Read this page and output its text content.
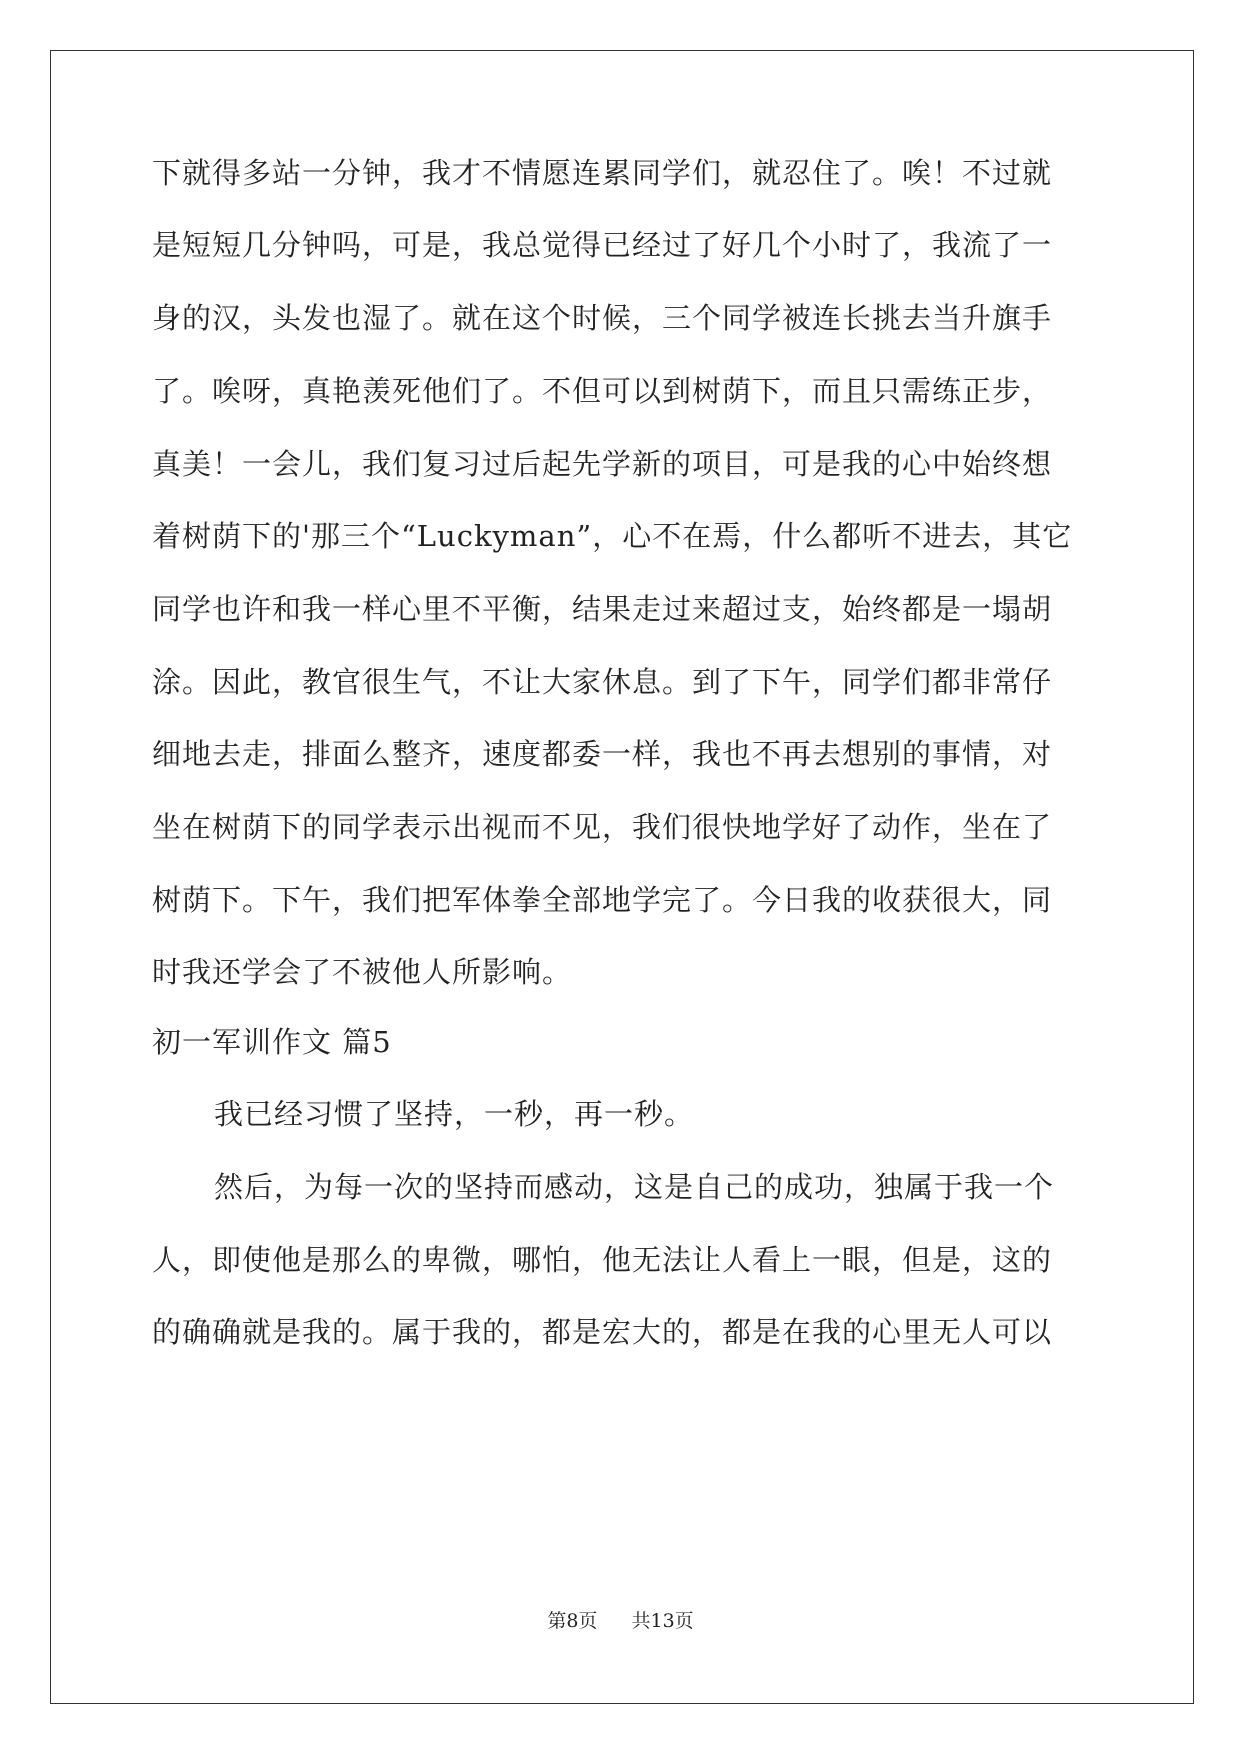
下就得多站一分钟，我才不情愿连累同学们，就忍住了。唉！不过就
是短短几分钟吗，可是，我总觉得已经过了好几个小时了，我流了一
身的汉，头发也湿了。就在这个时候，三个同学被连长挑去当升旗手
了。唉呀，真艳羡死他们了。不但可以到树荫下，而且只需练正步，
真美！一会儿，我们复习过后起先学新的项目，可是我的心中始终想
着树荫下的'那三个“Luckyman”，心不在焉，什么都听不进去，其它
同学也许和我一样心里不平衡，结果走过来超过支，始终都是一塌胡
涂。因此，教官很生气，不让大家休息。到了下午，同学们都非常仔
细地去走，排面么整齐，速度都委一样，我也不再去想别的事情，对
坐在树荫下的同学表示出视而不见，我们很快地学好了动作，坐在了
树荫下。下午，我们把军体拳全部地学完了。今日我的收获很大，同
时我还学会了不被他人所影响。
初一军训作文 篇5
我已经习惯了坚持，一秒，再一秒。
然后，为每一次的坚持而感动，这是自己的成功，独属于我一个
人，即使他是那么的卑微，哪怕，他无法让人看上一眼，但是，这的
的确确就是我的。属于我的，都是宏大的，都是在我的心里无人可以
第8页 共13页
